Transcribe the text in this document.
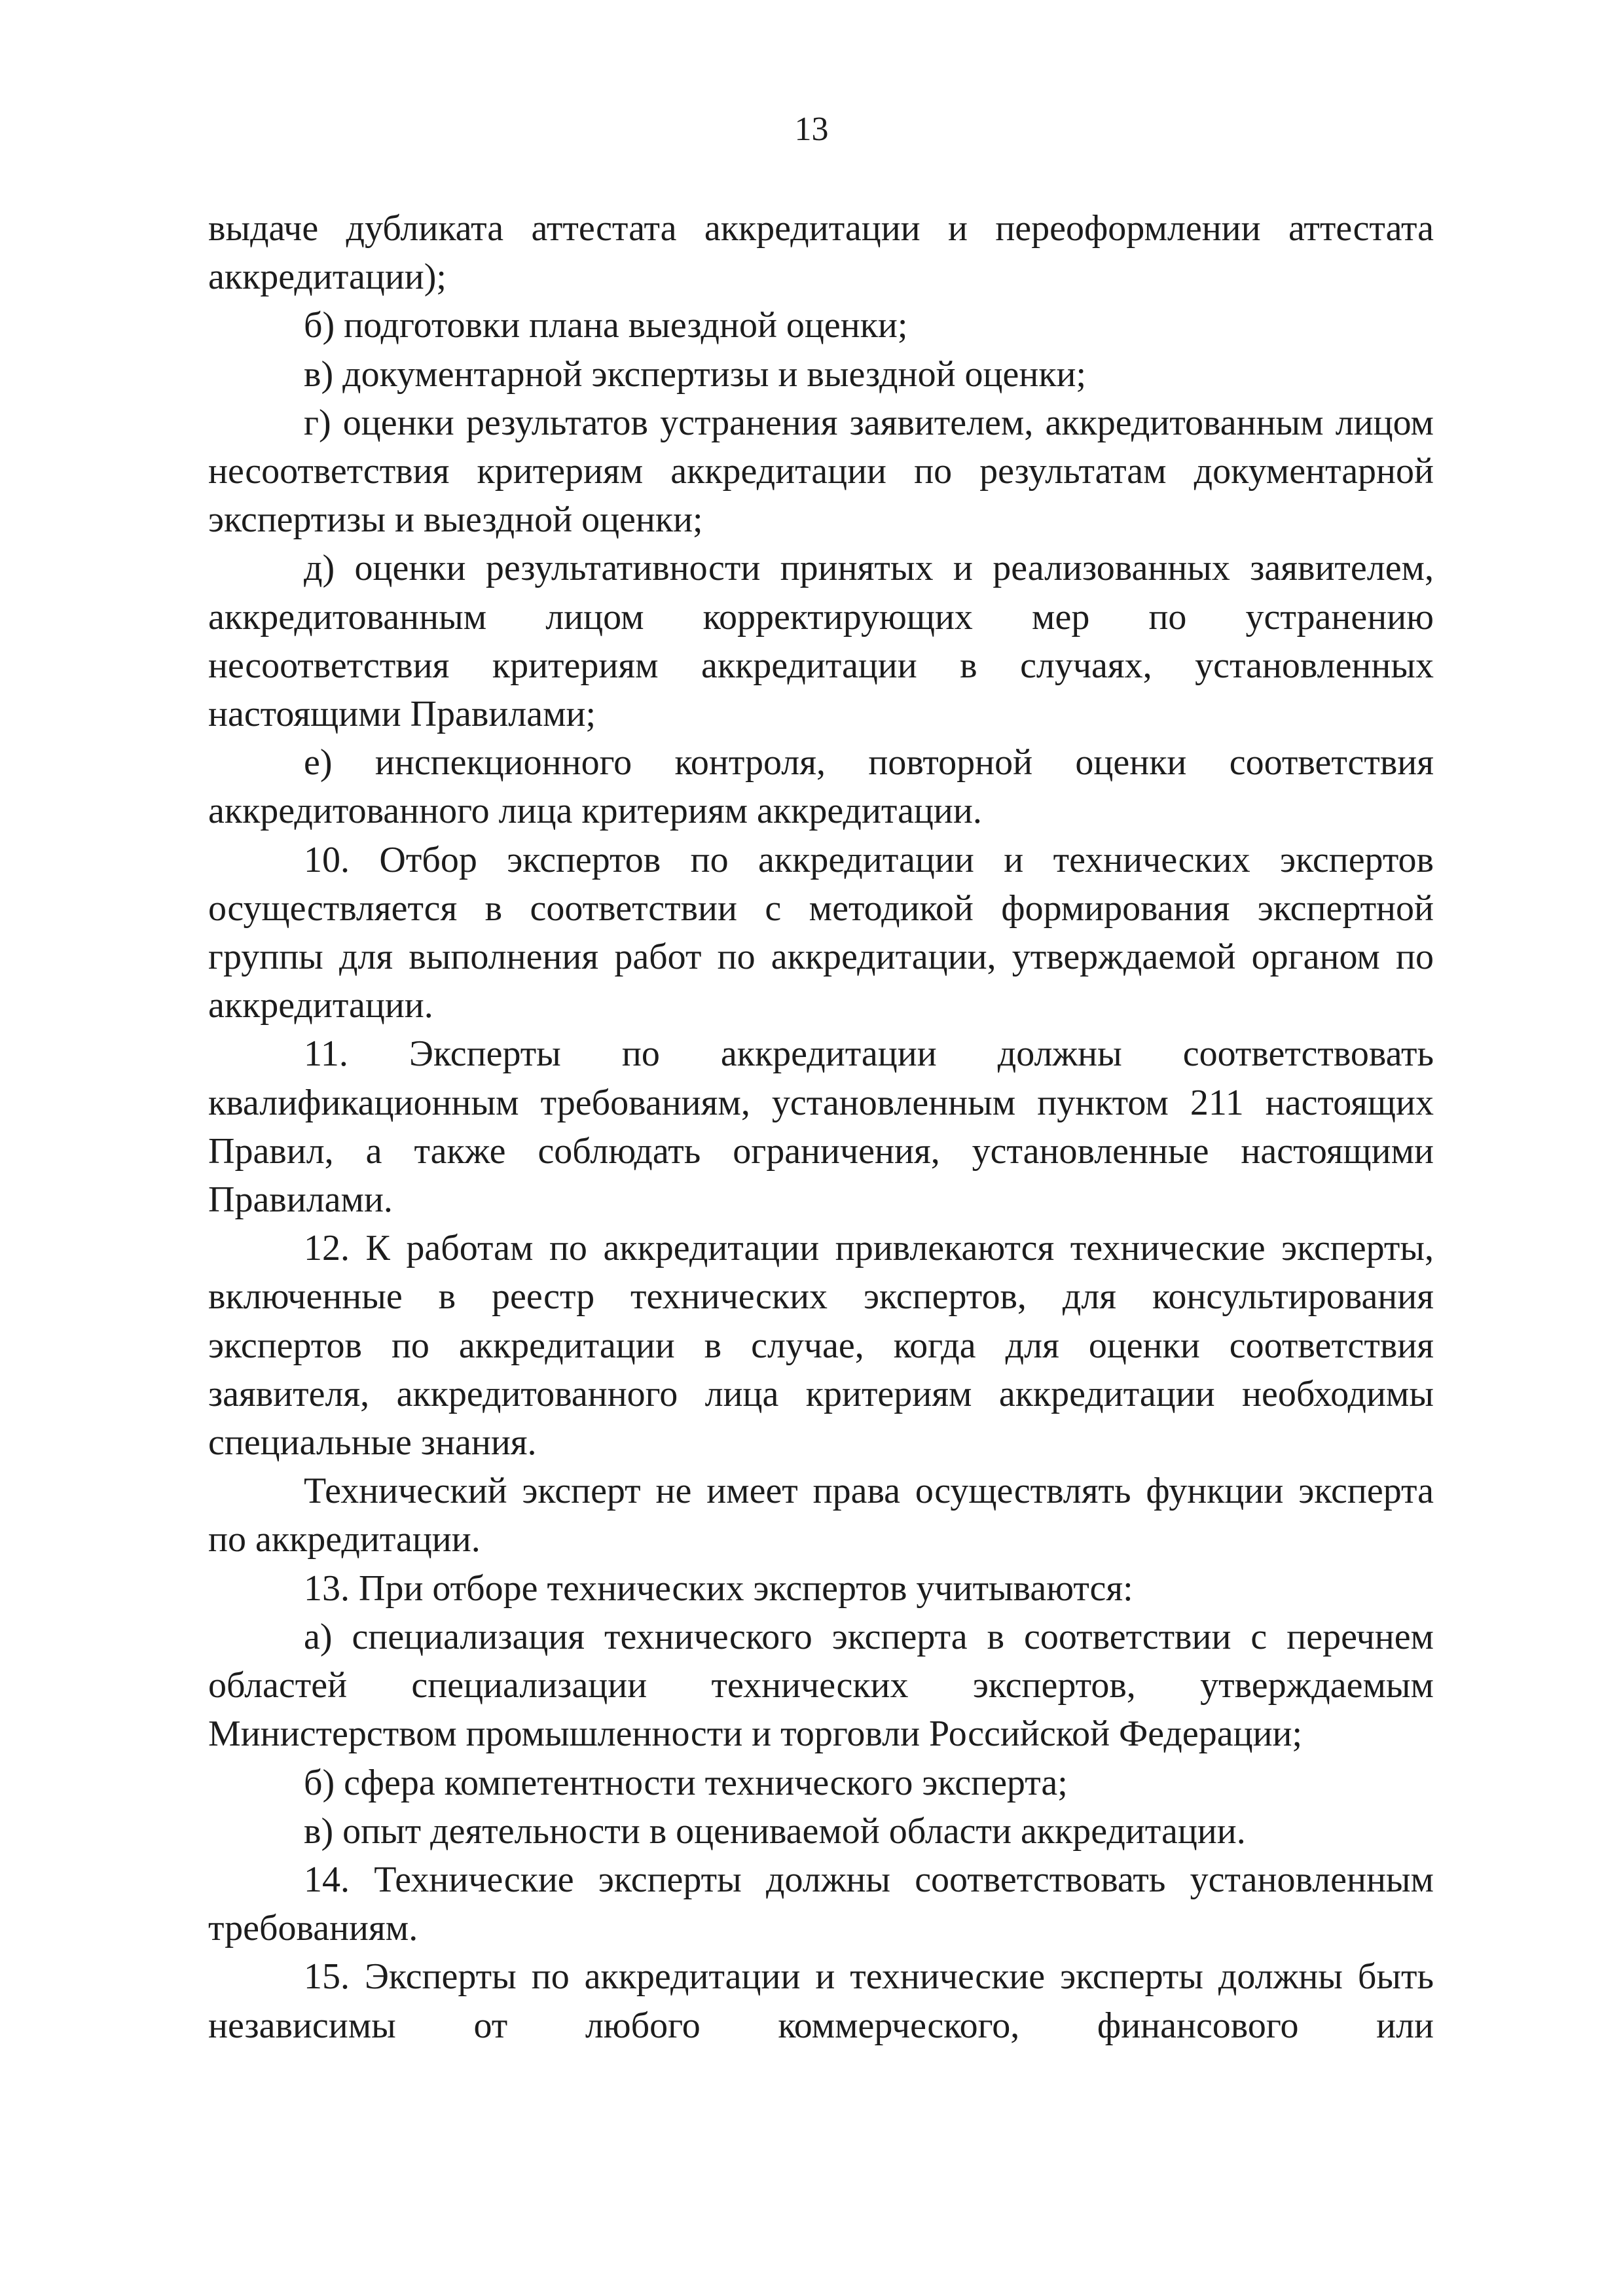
13

выдаче дубликата аттестата аккредитации и переоформлении аттестата аккредитации);

б) подготовки плана выездной оценки;

в) документарной экспертизы и выездной оценки;

г) оценки результатов устранения заявителем, аккредитованным лицом несоответствия критериям аккредитации по результатам документарной экспертизы и выездной оценки;

д) оценки результативности принятых и реализованных заявителем, аккредитованным лицом корректирующих мер по устранению несоответствия критериям аккредитации в случаях, установленных настоящими Правилами;

е) инспекционного контроля, повторной оценки соответствия аккредитованного лица критериям аккредитации.

10. Отбор экспертов по аккредитации и технических экспертов осуществляется в соответствии с методикой формирования экспертной группы для выполнения работ по аккредитации, утверждаемой органом по аккредитации.

11. Эксперты по аккредитации должны соответствовать квалификационным требованиям, установленным пунктом 211 настоящих Правил, а также соблюдать ограничения, установленные настоящими Правилами.

12. К работам по аккредитации привлекаются технические эксперты, включенные в реестр технических экспертов, для консультирования экспертов по аккредитации в случае, когда для оценки соответствия заявителя, аккредитованного лица критериям аккредитации необходимы специальные знания.

Технический эксперт не имеет права осуществлять функции эксперта по аккредитации.

13. При отборе технических экспертов учитываются:

а) специализация технического эксперта в соответствии с перечнем областей специализации технических экспертов, утверждаемым Министерством промышленности и торговли Российской Федерации;

б) сфера компетентности технического эксперта;

в) опыт деятельности в оцениваемой области аккредитации.

14. Технические эксперты должны соответствовать установленным требованиям.

15. Эксперты по аккредитации и технические эксперты должны быть независимы от любого коммерческого, финансового или
